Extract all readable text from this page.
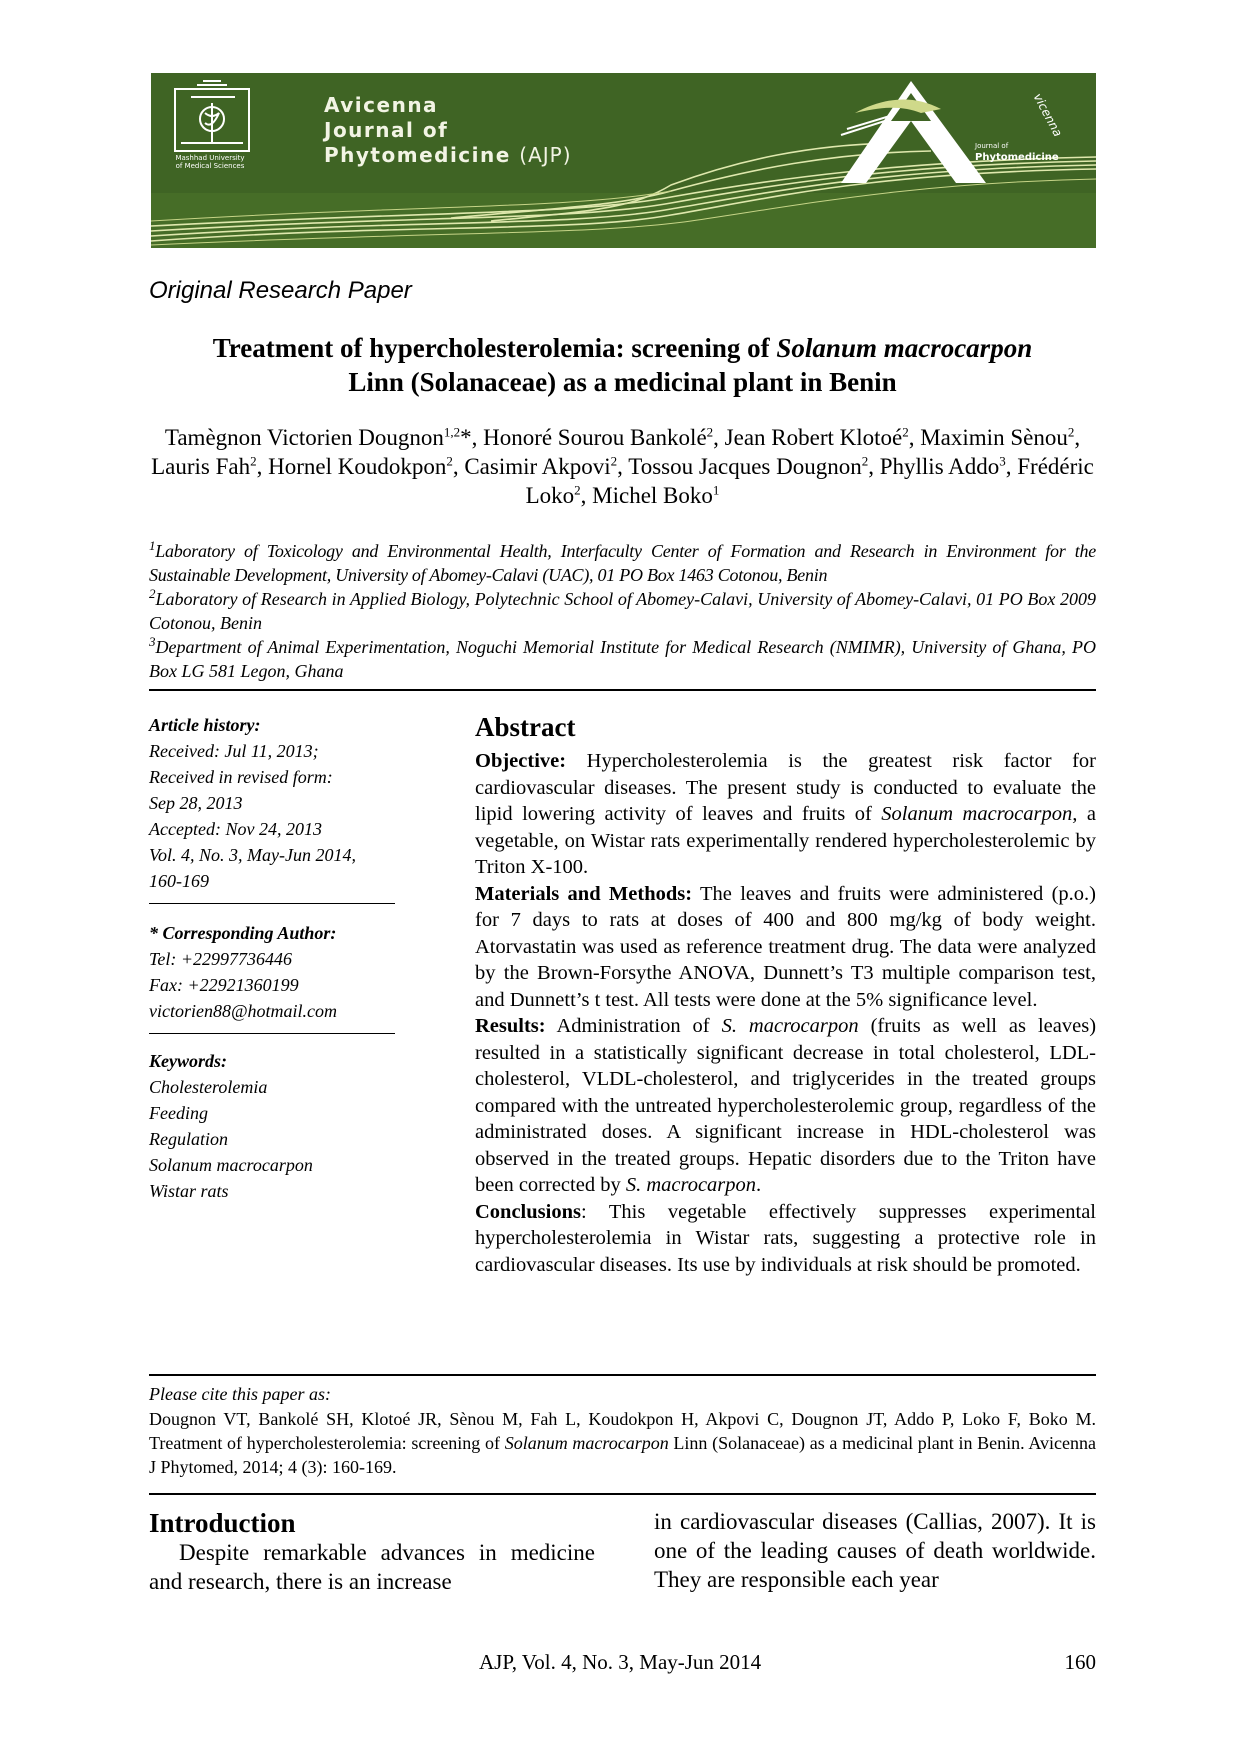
Avicenna
Journal of
Phytomedicine (AJP)
Mashhad University
of Medical Sciences
Journal of
Phytomedicine
vicenna
Original Research Paper
Treatment of hypercholesterolemia: screening of Solanum macrocarpon
Linn (Solanaceae) as a medicinal plant in Benin
Tamègnon Victorien Dougnon$^{1,2}$*, Honoré Sourou Bankolé$^2$, Jean Robert Klotoé$^2$, Maximin Sènou$^2$, Lauris Fah$^2$, Hornel Koudokpon$^2$, Casimir Akpovi$^2$, Tossou Jacques Dougnon$^2$, Phyllis Addo$^3$, Frédéric Loko$^2$, Michel Boko$^1$
$^1$Laboratory of Toxicology and Environmental Health, Interfaculty Center of Formation and Research in Environment for the Sustainable Development, University of Abomey-Calavi (UAC), 01 PO Box 1463 Cotonou, Benin
$^2$Laboratory of Research in Applied Biology, Polytechnic School of Abomey-Calavi, University of Abomey-Calavi, 01 PO Box 2009 Cotonou, Benin
$^3$Department of Animal Experimentation, Noguchi Memorial Institute for Medical Research (NMIMR), University of Ghana, PO Box LG 581 Legon, Ghana
Article history:
Received: Jul 11, 2013;
Received in revised form:
Sep 28, 2013
Accepted: Nov 24, 2013
Vol. 4, No. 3, May-Jun 2014,
160-169
* Corresponding Author:
Tel: +22997736446
Fax: +22921360199
victorien88@hotmail.com
Keywords:
Cholesterolemia
Feeding
Regulation
Solanum macrocarpon
Wistar rats
Abstract

Objective: Hypercholesterolemia is the greatest risk factor for cardiovascular diseases. The present study is conducted to evaluate the lipid lowering activity of leaves and fruits of Solanum macrocarpon, a vegetable, on Wistar rats experimentally rendered hypercholesterolemic by Triton X-100.

Materials and Methods: The leaves and fruits were administered (p.o.) for 7 days to rats at doses of 400 and 800 mg/kg of body weight. Atorvastatin was used as reference treatment drug. The data were analyzed by the Brown-Forsythe ANOVA, Dunnett’s T3 multiple comparison test, and Dunnett’s t test. All tests were done at the 5% significance level.

Results: Administration of S. macrocarpon (fruits as well as leaves) resulted in a statistically significant decrease in total cholesterol, LDL-cholesterol, VLDL-cholesterol, and triglycerides in the treated groups compared with the untreated hypercholesterolemic group, regardless of the administrated doses. A significant increase in HDL-cholesterol was observed in the treated groups. Hepatic disorders due to the Triton have been corrected by S. macrocarpon.

Conclusions: This vegetable effectively suppresses experimental hypercholesterolemia in Wistar rats, suggesting a protective role in cardiovascular diseases. Its use by individuals at risk should be promoted.

Please cite this paper as:
Dougnon VT, Bankolé SH, Klotoé JR, Sènou M, Fah L, Koudokpon H, Akpovi C, Dougnon JT, Addo P, Loko F, Boko M. Treatment of hypercholesterolemia: screening of Solanum macrocarpon Linn (Solanaceae) as a medicinal plant in Benin. Avicenna J Phytomed, 2014; 4 (3): 160-169.
Introduction

Despite remarkable advances in medicine and research, there is an increase

in cardiovascular diseases (Callias, 2007). It is one of the leading causes of death worldwide. They are responsible each year

AJP, Vol. 4, No. 3, May-Jun 2014	160
